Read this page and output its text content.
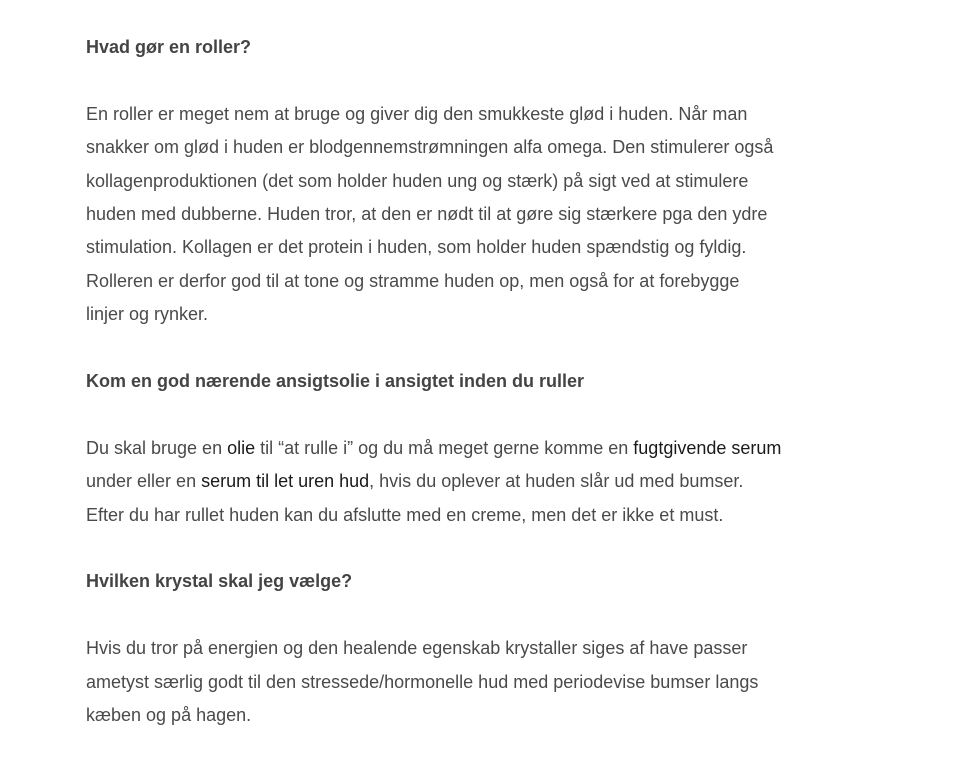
Hvad gør en roller?

En roller er meget nem at bruge og giver dig den smukkeste glød i huden. Når man
snakker om glød i huden er blodgennemstrømningen alfa omega. Den stimulerer også
kollagenproduktionen (det som holder huden ung og stærk) på sigt ved at stimulere
huden med dubberne. Huden tror, at den er nødt til at gøre sig stærkere pga den ydre
stimulation. Kollagen er det protein i huden, som holder huden spændstig og fyldig.
Rolleren er derfor god til at tone og stramme huden op, men også for at forebygge
linjer og rynker.

Kom en god nærende ansigtsolie i ansigtet inden du ruller

Du skal bruge en olie til “at rulle i” og du må meget gerne komme en fugtgivende serum
under eller en serum til let uren hud, hvis du oplever at huden slår ud med bumser.
Efter du har rullet huden kan du afslutte med en creme, men det er ikke et must.

Hvilken krystal skal jeg vælge?

Hvis du tror på energien og den healende egenskab krystaller siges af have passer
ametyst særlig godt til den stressede/hormonelle hud med periodevise bumser langs
kæben og på hagen.
